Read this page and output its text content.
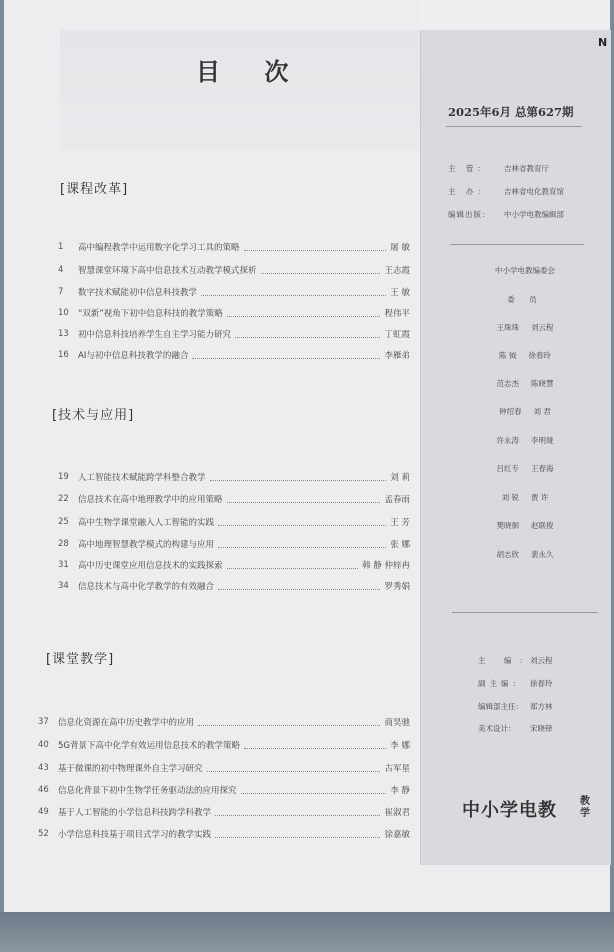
目 次
[课程改革]
1	高中编程教学中运用数字化学习工具的策略	屠 敏
4	智慧课堂环境下高中信息技术互动教学模式探析	王志霞
7	数字技术赋能初中信息科技教学	王 敏
10	“双新”视角下初中信息科技的教学策略	程伟平
13	初中信息科技培养学生自主学习能力研究	丁虹霞
16	AI与初中信息科技教学的融合	李雁弟
[技术与应用]
19	人工智能技术赋能跨学科整合教学	刘 莉
22	信息技术在高中地理教学中的应用策略	孟春雨
25	高中生物学课堂融入人工智能的实践	王 芳
28	高中地理智慧教学模式的构建与应用	张 娜
31	高中历史课堂应用信息技术的实践探索	韩 静 仲梓冉
34	信息技术与高中化学教学的有效融合	罗秀娟
[课堂教学]
37	信息化资源在高中历史教学中的应用	商昊驰
40	5G背景下高中化学有效运用信息技术的教学策略	李 娜
43	基于微课的初中物理课外自主学习研究	古军星
46	信息化背景下初中生物学任务驱动法的应用探究	李 静
49	基于人工智能的小学信息科技跨学科教学	崔淑君
52	小学信息科技基于项目式学习的教学实践	徐嘉敏
N
2025年6月 总第627期
主 管： 吉林省教育厅
主 办： 吉林省电化教育馆
编辑出版： 中小学电教编辑部
中小学电教编委会
委 员
王珠珠 刘云程
陈 钺 徐春玲
范志杰 陈晓慧
钟绍春 刘 君
许永涛 李明娅
吕红专 王春海
刘 锐 贾 许
樊晓徊 赵联俊
胡志欣 裴永久
主 编：刘云程
副主编： 徐春玲
编辑部主任： 郑方林
美术设计： 宋晓铎
中小学电教 教学
